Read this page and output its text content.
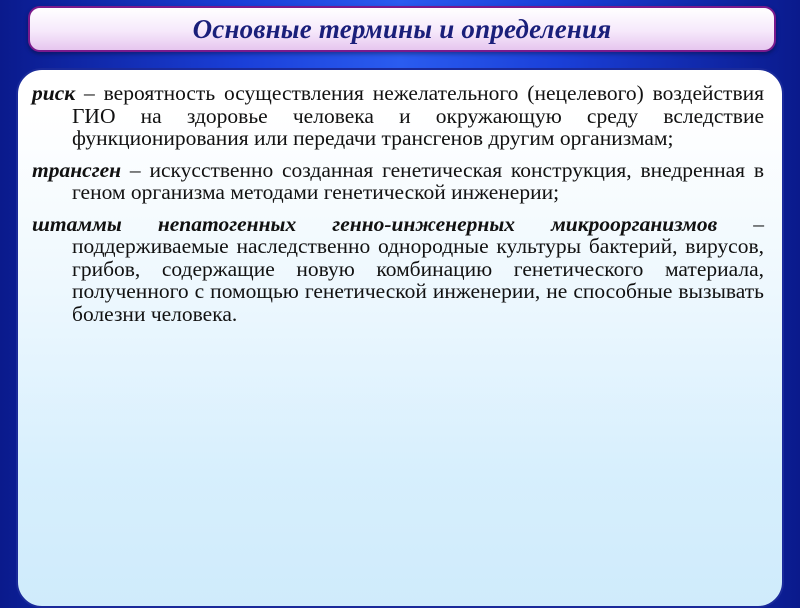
Основные термины и определения

риск – вероятность осуществления нежелательного (нецелевого) воздействия ГИО на здоровье человека и окружающую среду вследствие функционирования или передачи трансгенов другим организмам;

трансген – искусственно созданная генетическая конструкция, внедренная в геном организма методами генетической инженерии;

штаммы непатогенных генно-инженерных микроорганизмов – поддерживаемые наследственно однородные культуры бактерий, вирусов, грибов, содержащие новую комбинацию генетического материала, полученного с помощью генетической инженерии, не способные вызывать болезни человека.
